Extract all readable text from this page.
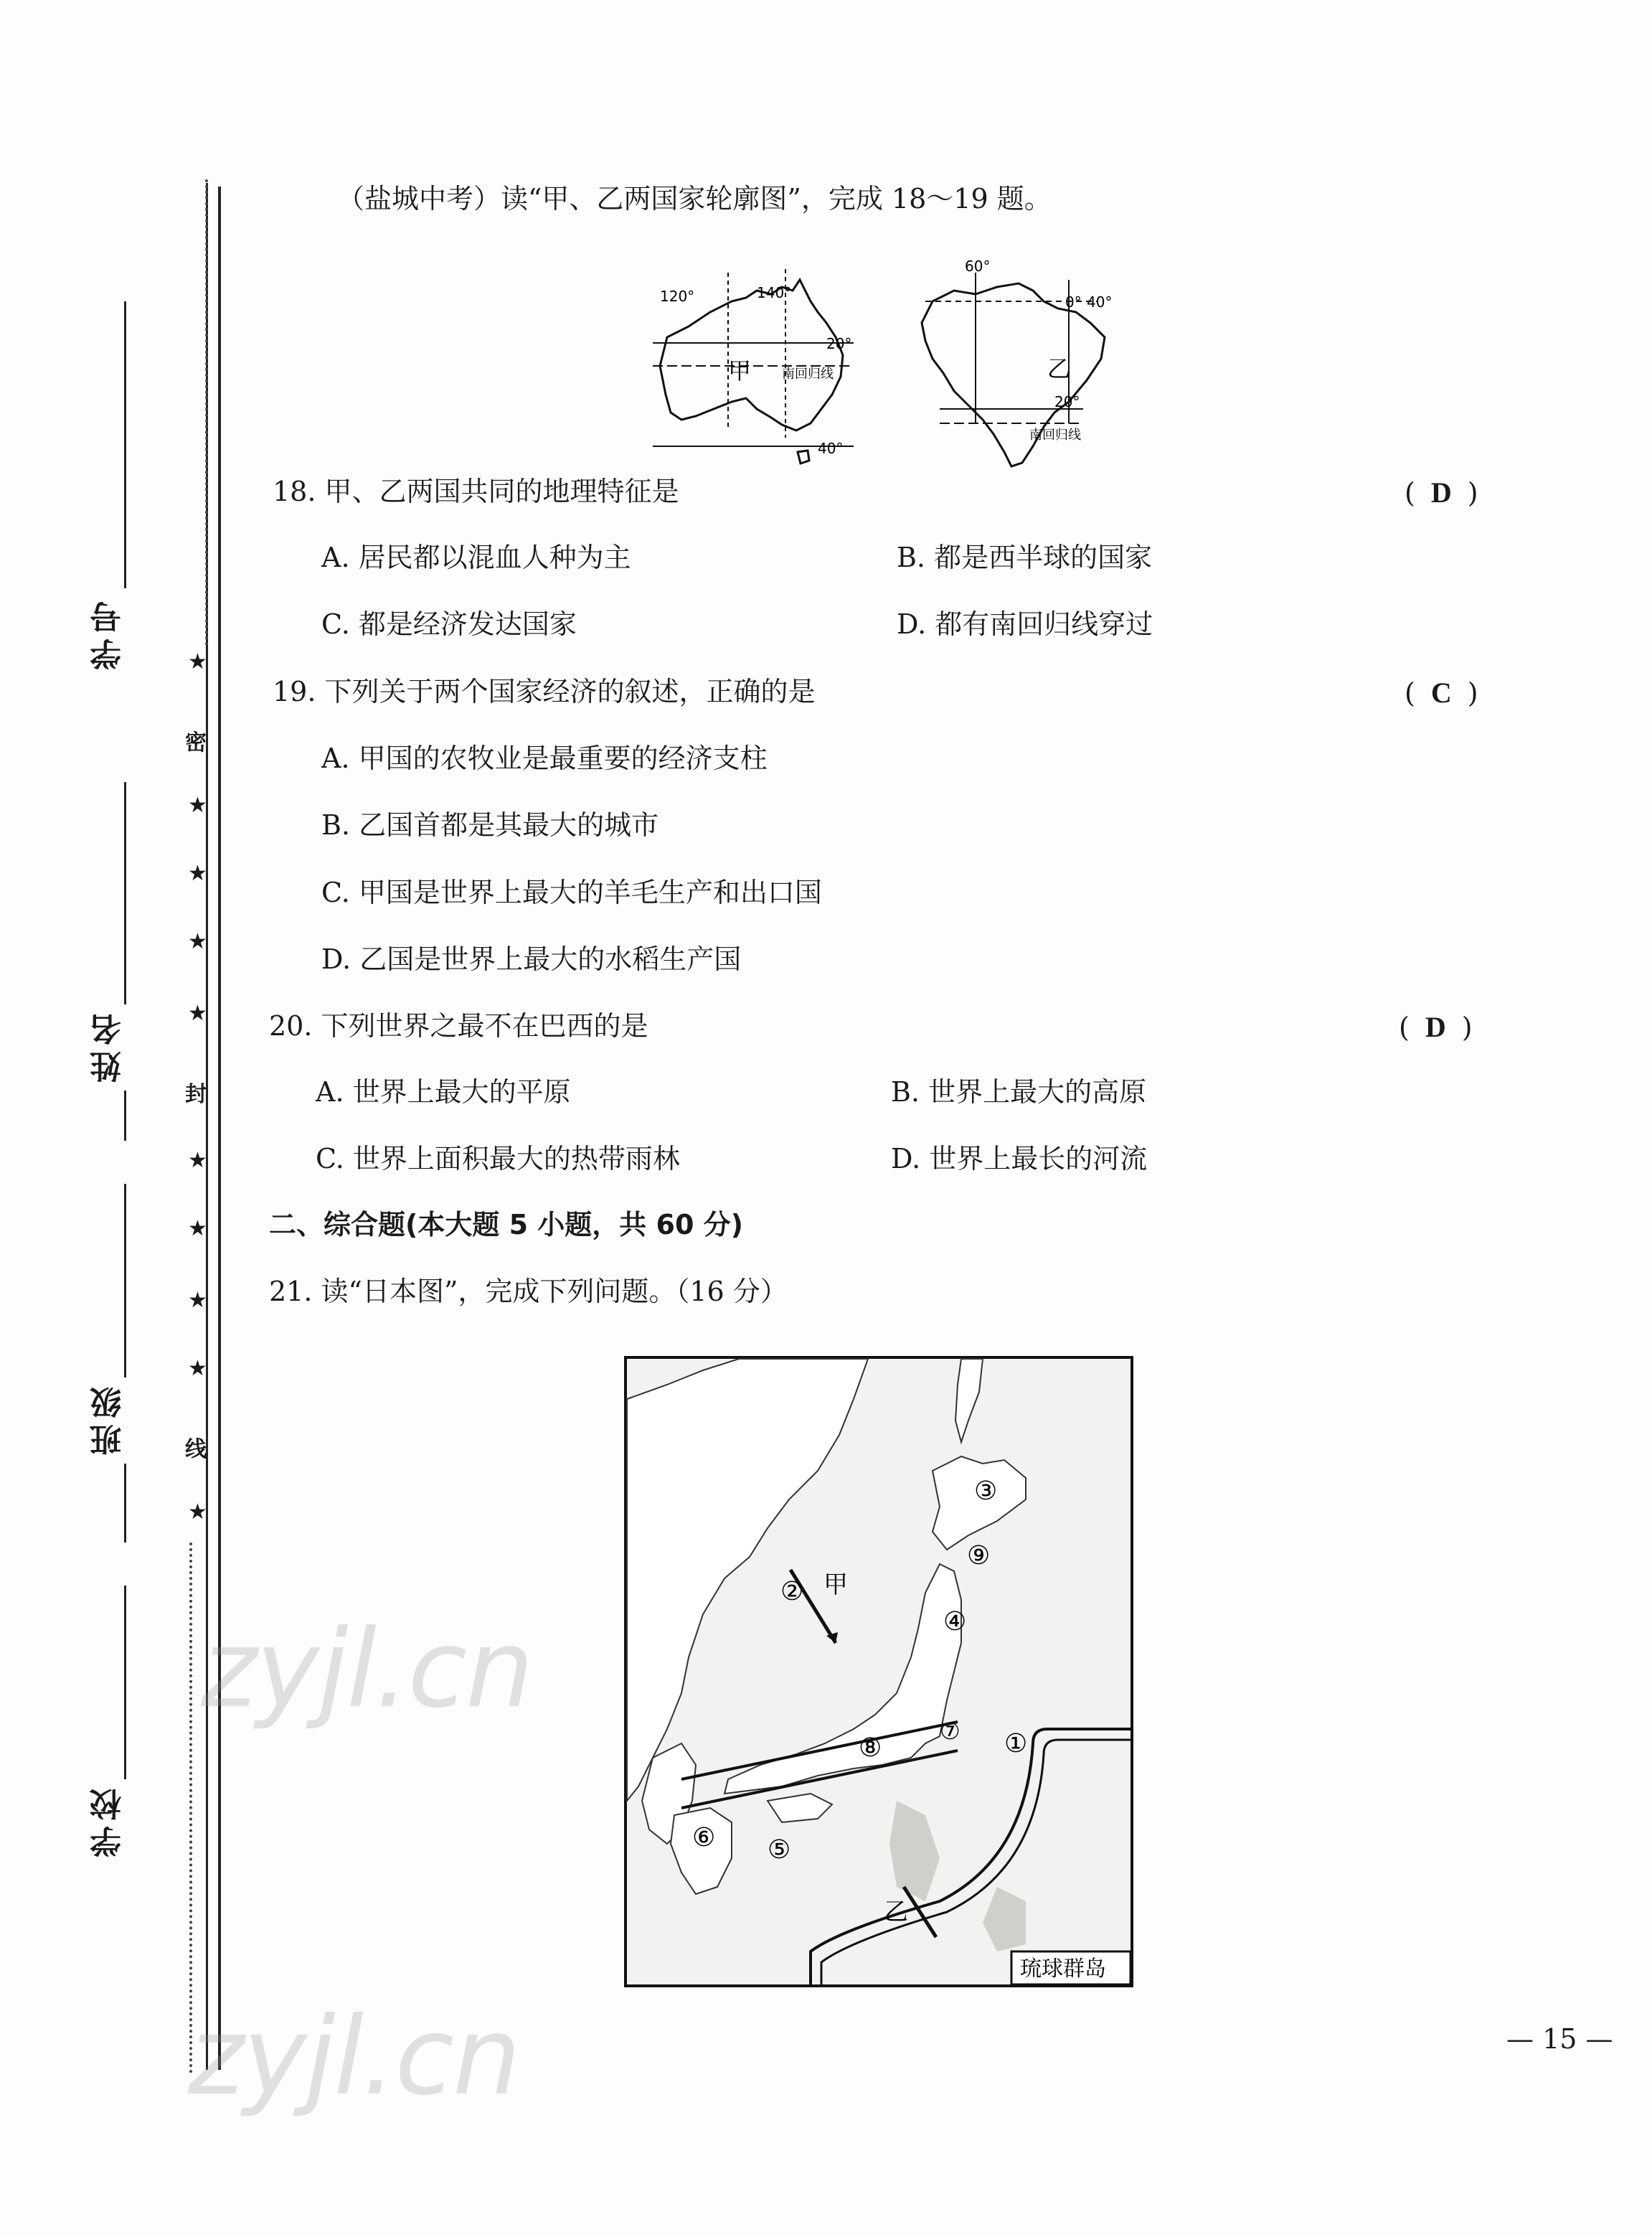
学号
姓名
班级
学校
★
密
★
★
★
★
封
★
★
★
★
线
★
（盐城中考）读“甲、乙两国家轮廓图”，完成 18～19 题。
120°	140°
20°
40°
南回归线
甲
60°
0° 40°
20°
南回归线
乙
18. 甲、乙两国共同的地理特征是	( D )
A. 居民都以混血人种为主	B. 都是西半球的国家
C. 都是经济发达国家	D. 都有南回归线穿过
19. 下列关于两个国家经济的叙述，正确的是	( C )
A. 甲国的农牧业是最重要的经济支柱
B. 乙国首都是其最大的城市
C. 甲国是世界上最大的羊毛生产和出口国
D. 乙国是世界上最大的水稻生产国
20. 下列世界之最不在巴西的是	( D )
A. 世界上最大的平原	B. 世界上最大的高原
C. 世界上面积最大的热带雨林	D. 世界上最长的河流
二、综合题(本大题 5 小题，共 60 分)
21. 读“日本图”，完成下列问题。（16 分）
琉球群岛
①
②
③
④
⑤
⑥
⑦
⑧
⑨
甲
乙
zyjl.cn
zyjl.cn	— 15 —
